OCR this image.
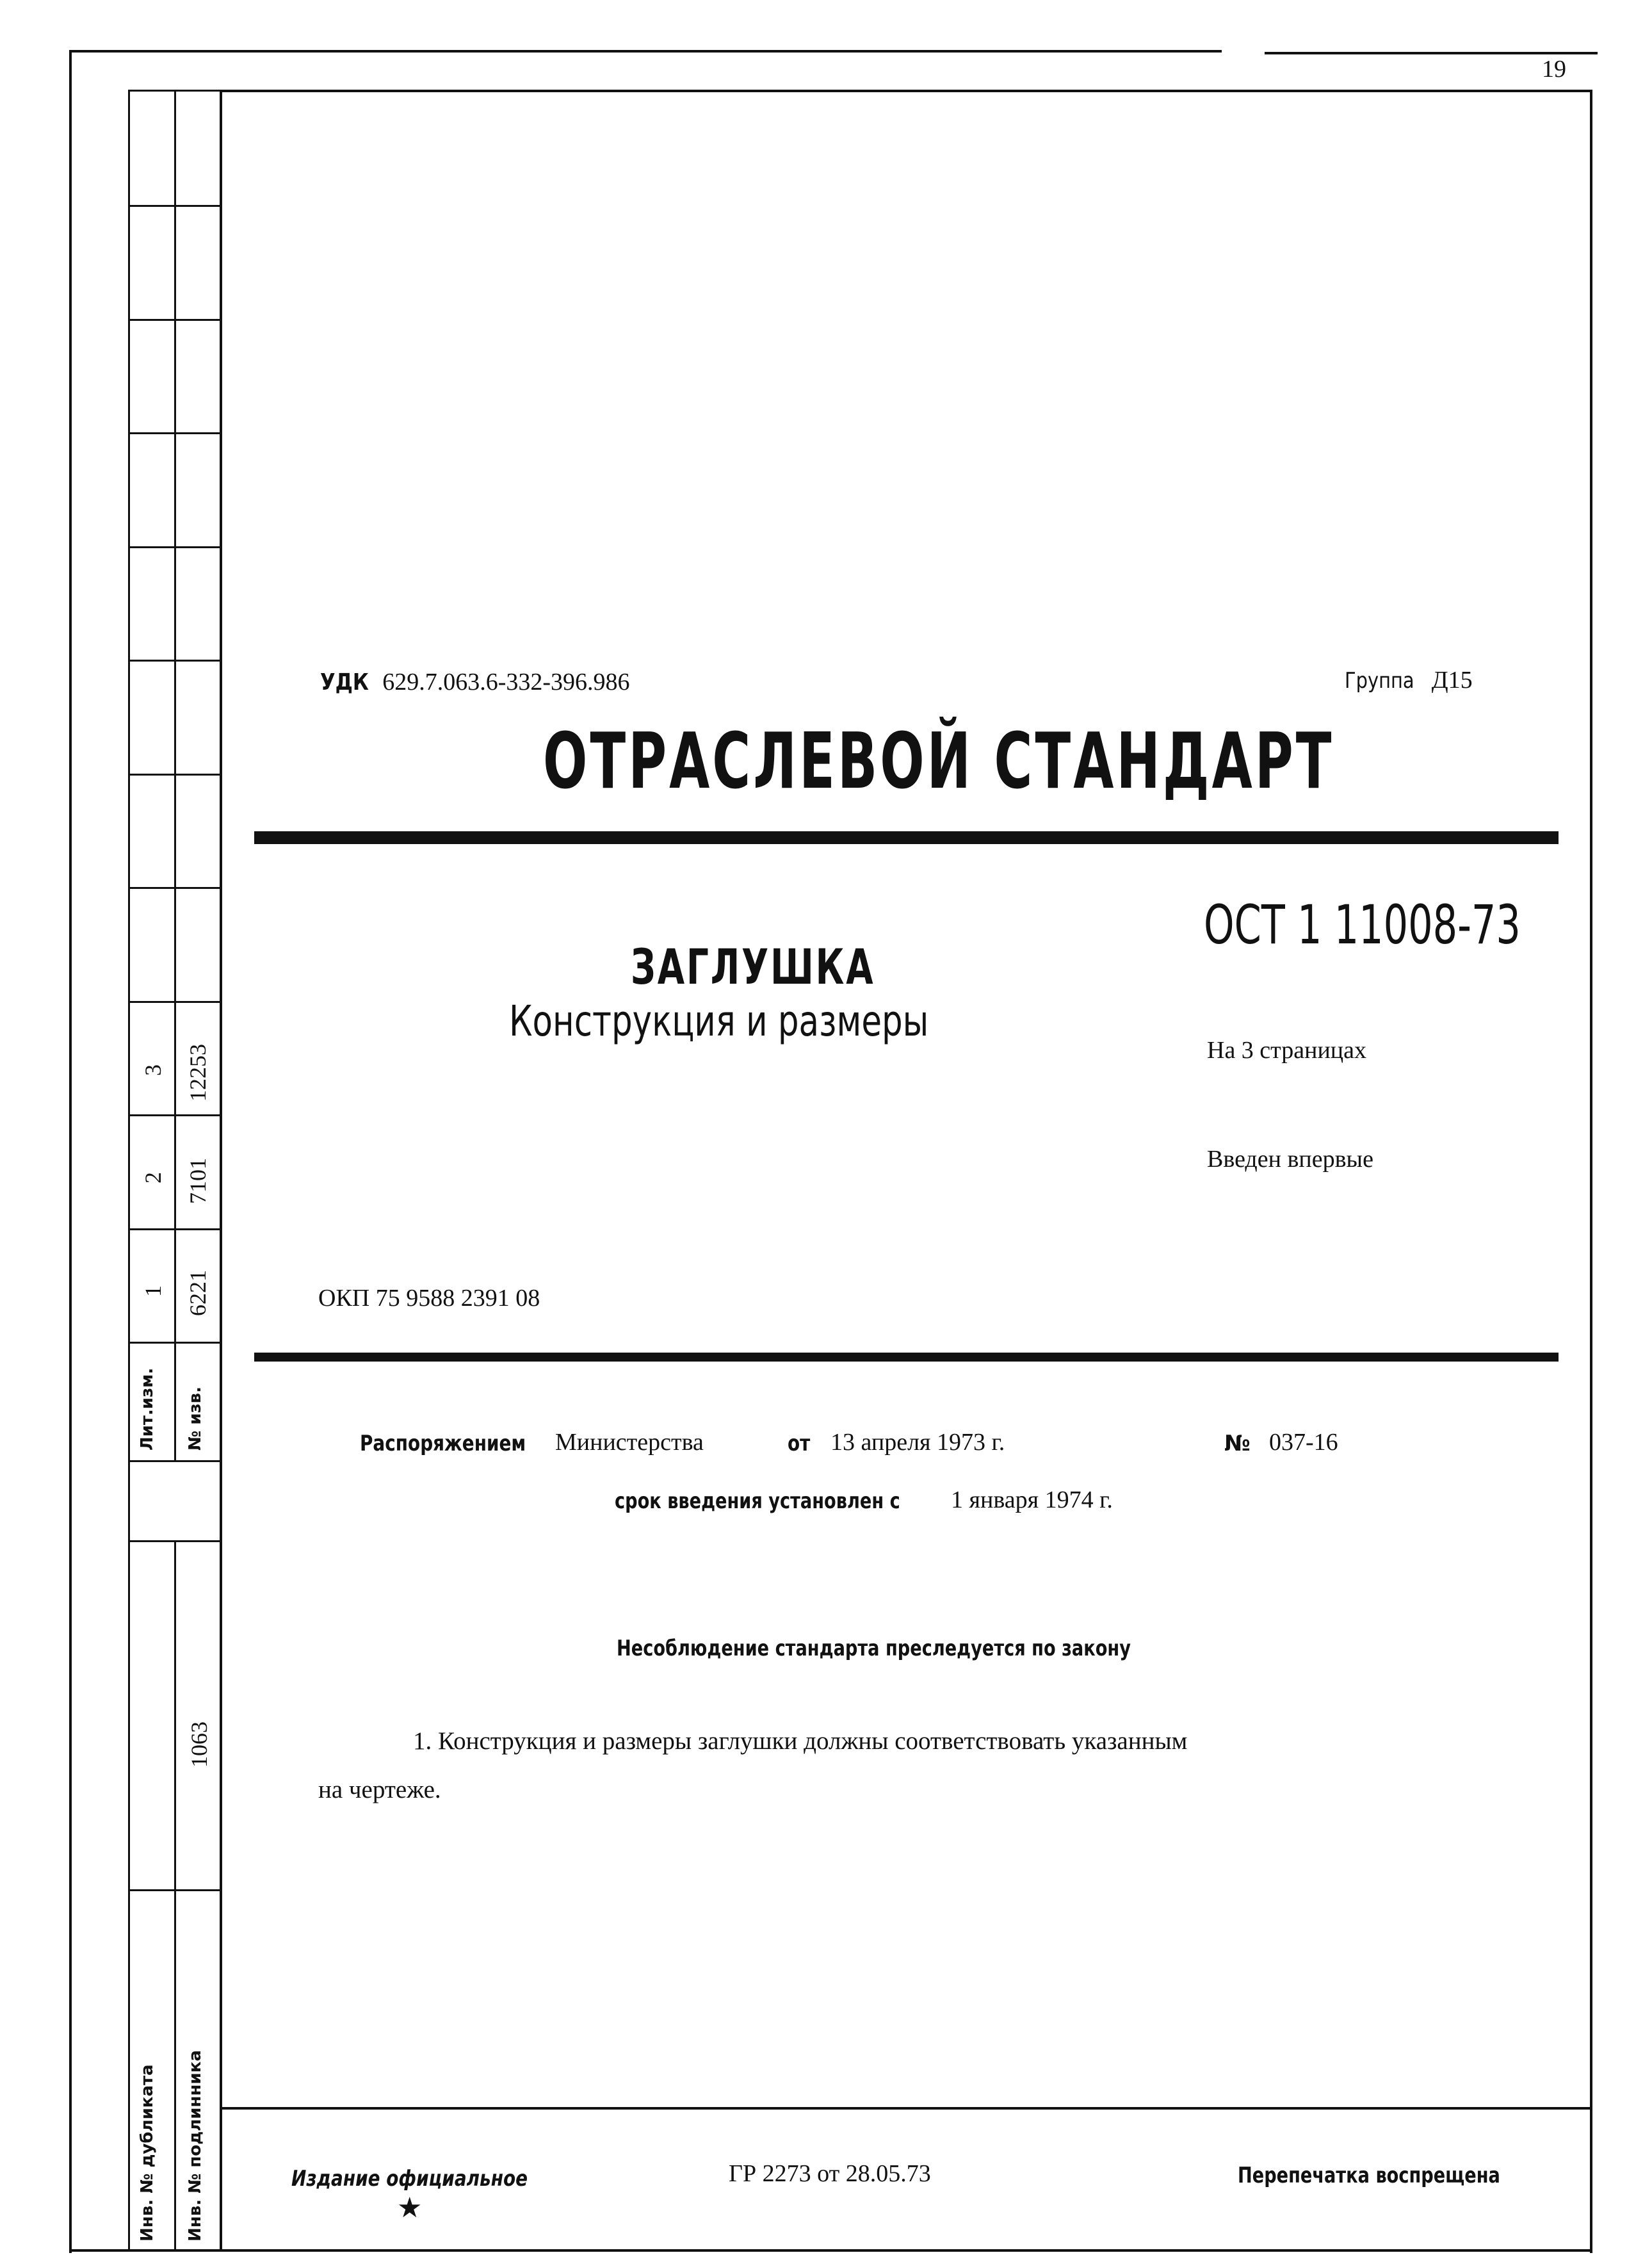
3 12253
2 7101
1 6221
Лит.изм. № изв.
1063
Инв. № дубликата Инв. № подлинника
19
УДК 629.7.063.6-332-396.986	Группа Д15
ОТРАСЛЕВОЙ СТАНДАРТ
ОСТ 1 11008-73
ЗАГЛУШКА
Конструкция и размеры
На 3 страницах
Введен впервые
ОКП 75 9588 2391 08
Распоряжением Министерства	от 13 апреля 1973 г.	№ 037-16
срок введения установлен с 1 января 1974 г.
Несоблюдение стандарта преследуется по закону
1. Конструкция и размеры заглушки должны соответствовать указанным
на чертеже.
Издание официальное
★
ГР 2273 от 28.05.73	Перепечатка воспрещена
